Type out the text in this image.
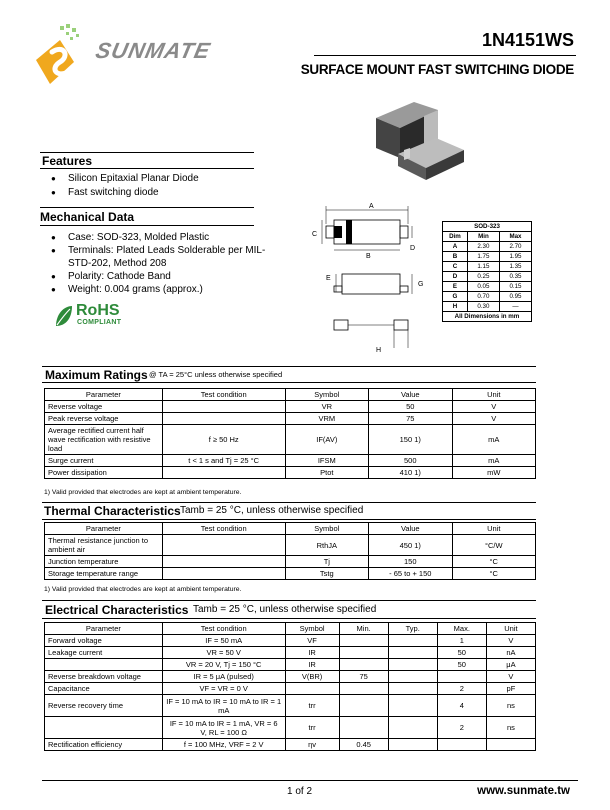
SUNMATE	1N4151WS
SURFACE MOUNT FAST SWITCHING DIODE
Features
● Silicon Epitaxial Planar Diode
● Fast switching diode
Mechanical Data
● Case: SOD-323, Molded Plastic
● Terminals: Plated Leads Solderable per MIL-STD-202, Method 208
● Polarity: Cathode Band
● Weight: 0.004 grams (approx.)
RoHS
COMPLIANT
A
B
C
D
E
G
H
SOD-323		
Dim	Min	Max
A	2.30	2.70
B	1.75	1.95
C	1.15	1.35
D	0.25	0.35
E	0.05	0.15
G	0.70	0.95
H	0.30	—
All Dimensions in mm		
Maximum Ratings @ TA = 25°C unless otherwise specified
Parameter	Test condition	Symbol	Value	Unit
Reverse voltage		VR	50	V
Peak reverse voltage		VRM	75	V
Average rectified current half wave rectification with resistive load	f ≥ 50 Hz	IF(AV)	150 1)	mA
Surge current	t < 1 s and Tj = 25 °C	IFSM	500	mA
Power dissipation		Ptot	410 1)	mW
1) Valid provided that electrodes are kept at ambient temperature.
Thermal Characteristics Tamb = 25 °C, unless otherwise specified
Parameter	Test condition	Symbol	Value	Unit
Thermal resistance junction to ambient air		RthJA	450 1)	°C/W
Junction temperature		Tj	150	°C
Storage temperature range		Tstg	- 65 to + 150	°C
1) Valid provided that electrodes are kept at ambient temperature.
Electrical Characteristics Tamb = 25 °C, unless otherwise specified
Parameter	Test condition	Symbol	Min.	Typ.	Max.	Unit
Forward voltage	IF = 50 mA	VF			1	V
Leakage current	VR = 50 V	IR			50	nA
	VR = 20 V, Tj = 150 °C	IR			50	μA
Reverse breakdown voltage	IR = 5 μA (pulsed)	V(BR)	75			V
Capacitance	VF = VR = 0 V				2	pF
Reverse recovery time	IF = 10 mA to IR = 10 mA to IR = 1 mA	trr			4	ns
	IF = 10 mA to IR = 1 mA, VR = 6 V, RL = 100 Ω	trr			2	ns
Rectification efficiency	f = 100 MHz, VRF = 2 V	ηv	0.45			
1 of 2	www.sunmate.tw
